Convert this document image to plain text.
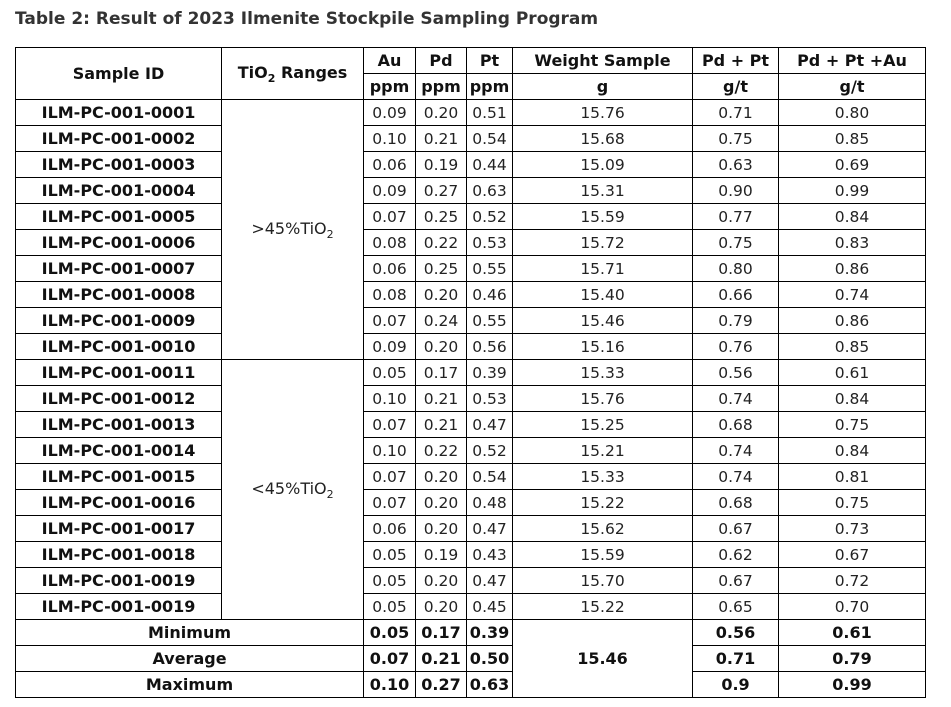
Table 2: Result of 2023 Ilmenite Stockpile Sampling Program
Sample ID	TiO$_2$ Ranges	Au	Pd	Pt	Weight Sample	Pd + Pt	Pd + Pt +Au
		ppm	ppm	ppm	g	g/t	g/t
ILM-PC-001-0001	>45%TiO$_2$	0.09	0.20	0.51	15.76	0.71	0.80
ILM-PC-001-0002		0.10	0.21	0.54	15.68	0.75	0.85
ILM-PC-001-0003		0.06	0.19	0.44	15.09	0.63	0.69
ILM-PC-001-0004		0.09	0.27	0.63	15.31	0.90	0.99
ILM-PC-001-0005		0.07	0.25	0.52	15.59	0.77	0.84
ILM-PC-001-0006		0.08	0.22	0.53	15.72	0.75	0.83
ILM-PC-001-0007		0.06	0.25	0.55	15.71	0.80	0.86
ILM-PC-001-0008		0.08	0.20	0.46	15.40	0.66	0.74
ILM-PC-001-0009		0.07	0.24	0.55	15.46	0.79	0.86
ILM-PC-001-0010		0.09	0.20	0.56	15.16	0.76	0.85
ILM-PC-001-0011	<45%TiO$_2$	0.05	0.17	0.39	15.33	0.56	0.61
ILM-PC-001-0012		0.10	0.21	0.53	15.76	0.74	0.84
ILM-PC-001-0013		0.07	0.21	0.47	15.25	0.68	0.75
ILM-PC-001-0014		0.10	0.22	0.52	15.21	0.74	0.84
ILM-PC-001-0015		0.07	0.20	0.54	15.33	0.74	0.81
ILM-PC-001-0016		0.07	0.20	0.48	15.22	0.68	0.75
ILM-PC-001-0017		0.06	0.20	0.47	15.62	0.67	0.73
ILM-PC-001-0018		0.05	0.19	0.43	15.59	0.62	0.67
ILM-PC-001-0019		0.05	0.20	0.47	15.70	0.67	0.72
ILM-PC-001-0019		0.05	0.20	0.45	15.22	0.65	0.70
Minimum		0.05	0.17	0.39	15.46	0.56	0.61
Average		0.07	0.21	0.50		0.71	0.79
Maximum		0.10	0.27	0.63		0.9	0.99
